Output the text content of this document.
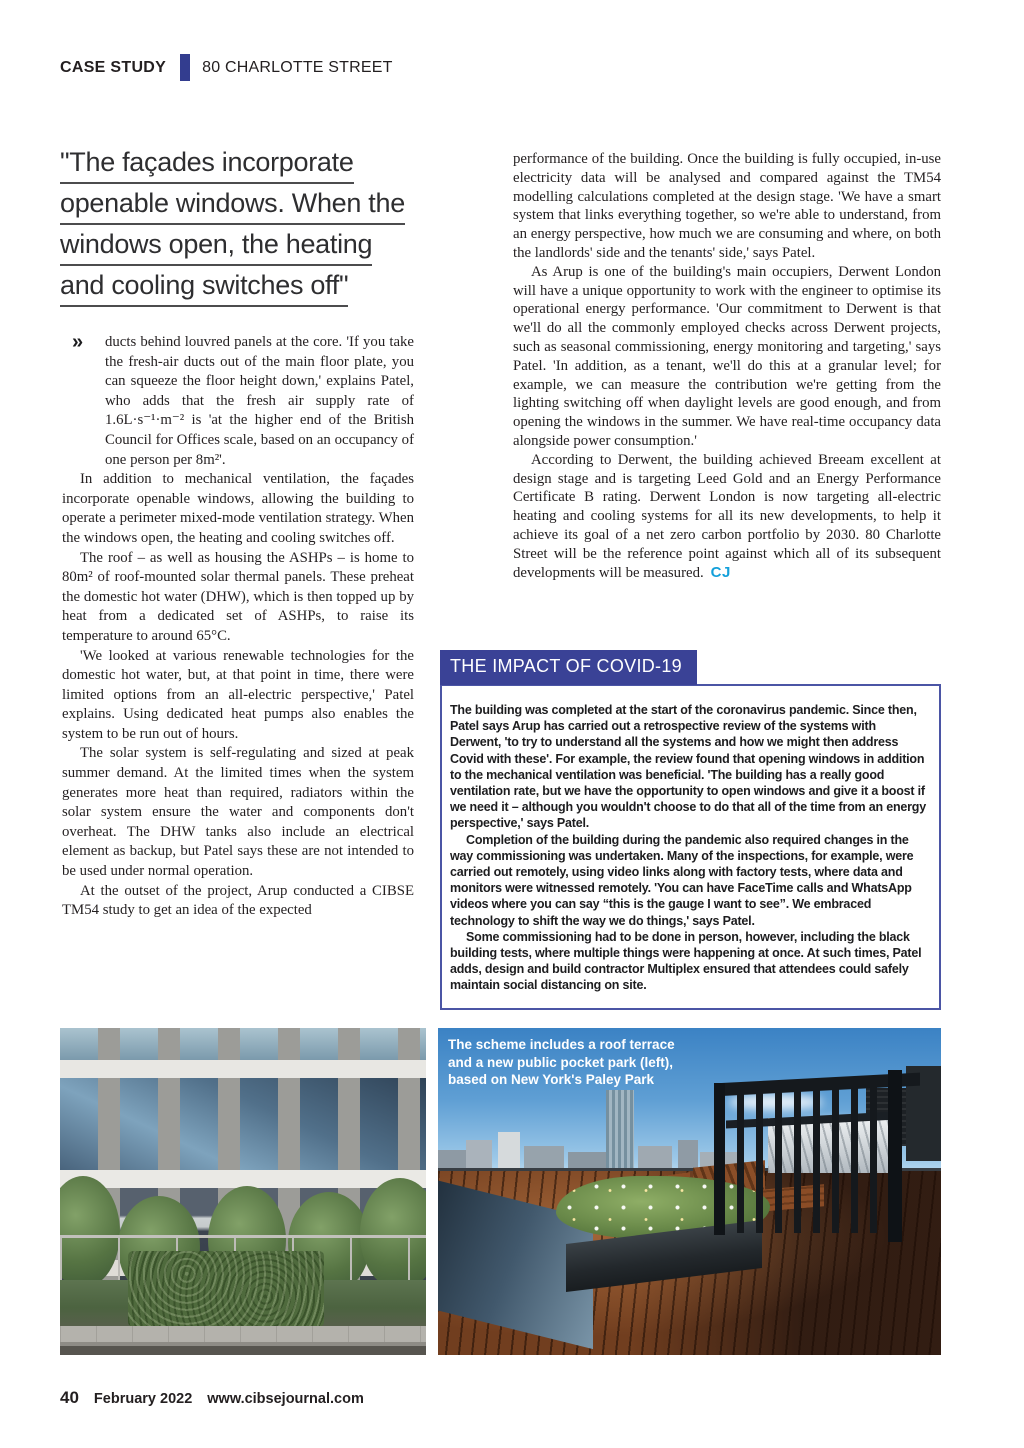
CASE STUDY 80 CHARLOTTE STREET
"The façades incorporate
openable windows. When the
windows open, the heating
and cooling switches off"

» ducts behind louvred panels at the core. 'If you take the fresh-air ducts out of the main floor plate, you can squeeze the floor height down,' explains Patel, who adds that the fresh air supply rate of 1.6L·s⁻¹·m⁻² is 'at the higher end of the British Council for Offices scale, based on an occupancy of one person per 8m²'.

In addition to mechanical ventilation, the façades incorporate openable windows, allowing the building to operate a perimeter mixed-mode ventilation strategy. When the windows open, the heating and cooling switches off.

The roof – as well as housing the ASHPs – is home to 80m² of roof-mounted solar thermal panels. These preheat the domestic hot water (DHW), which is then topped up by heat from a dedicated set of ASHPs, to raise its temperature to around 65°C.

'We looked at various renewable technologies for the domestic hot water, but, at that point in time, there were limited options from an all-electric perspective,' Patel explains. Using dedicated heat pumps also enables the system to be run out of hours.

The solar system is self-regulating and sized at peak summer demand. At the limited times when the system generates more heat than required, radiators within the solar system ensure the water and components don't overheat. The DHW tanks also include an electrical element as backup, but Patel says these are not intended to be used under normal operation.

At the outset of the project, Arup conducted a CIBSE TM54 study to get an idea of the expected

performance of the building. Once the building is fully occupied, in-use electricity data will be analysed and compared against the TM54 modelling calculations completed at the design stage. 'We have a smart system that links everything together, so we're able to understand, from an energy perspective, how much we are consuming and where, on both the landlords' side and the tenants' side,' says Patel.

As Arup is one of the building's main occupiers, Derwent London will have a unique opportunity to work with the engineer to optimise its operational energy performance. 'Our commitment to Derwent is that we'll do all the commonly employed checks across Derwent projects, such as seasonal commissioning, energy monitoring and targeting,' says Patel. 'In addition, as a tenant, we'll do this at a granular level; for example, we can measure the contribution we're getting from the lighting switching off when daylight levels are good enough, and from opening the windows in the summer. We have real-time occupancy data alongside power consumption.'

According to Derwent, the building achieved Breeam excellent at design stage and is targeting Leed Gold and an Energy Performance Certificate B rating. Derwent London is now targeting all-electric heating and cooling systems for all its new developments, to help it achieve its goal of a net zero carbon portfolio by 2030. 80 Charlotte Street will be the reference point against which all of its subsequent developments will be measured. CJ

THE IMPACT OF COVID-19

The building was completed at the start of the coronavirus pandemic. Since then, Patel says Arup has carried out a retrospective review of the systems with Derwent, 'to try to understand all the systems and how we might then address Covid with these'. For example, the review found that opening windows in addition to the mechanical ventilation was beneficial. 'The building has a really good ventilation rate, but we have the opportunity to open windows and give it a boost if we need it – although you wouldn't choose to do that all of the time from an energy perspective,' says Patel.

Completion of the building during the pandemic also required changes in the way commissioning was undertaken. Many of the inspections, for example, were carried out remotely, using video links along with factory tests, where data and monitors were witnessed remotely. 'You can have FaceTime calls and WhatsApp videos where you can say “this is the gauge I want to see”. We embraced technology to shift the way we do things,' says Patel.

Some commissioning had to be done in person, however, including the black building tests, where multiple things were happening at once. At such times, Patel adds, design and build contractor Multiplex ensured that attendees could safely maintain social distancing on site.

The scheme includes a roof terrace and a new public pocket park (left), based on New York's Paley Park
40 February 2022 www.cibsejournal.com
